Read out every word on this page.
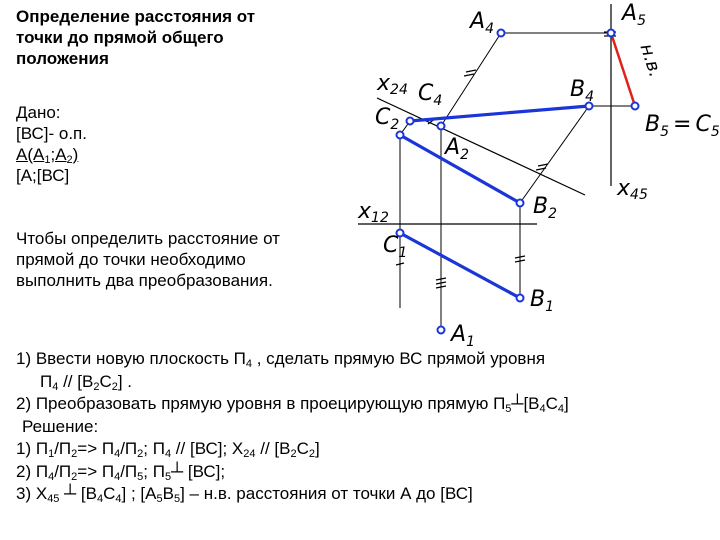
Определение расстояния от
точки до прямой общего
положения
Дано:
[ВС]- о.п.
$А(А_1;А_2)$
[А;[ВС]
Чтобы определить расстояние от
прямой до точки необходимо
выполнить два преобразования.
1) Ввести новую плоскость $П_4$ , сделать прямую ВС прямой уровня
$П_4 // [В_2С_2]$ .
2) Преобразовать прямую уровня в проецирующую прямую $П_5┴[В_4С_4]$
Решение:
1) $П_1/П_2=> П_4/П_2$; $П_4 // [ВС]$; $Х_{24} // [В_2С_2]$
2) $П_4/П_2=> П_4/П_5$; $П_5┴$ [ВС];
3) $Х_{45}$ ┴ $[В_4С_4]$ ; $[А_5В_5] - н.в$. расстояния от точки А до [ВС]
$A_4$
$A_5$
н.в.
x24 $C_4$	$B_4$
$C_2$
$A_2$
$B_5 = C_5$
x45
x12	$B_2$
$C_1$
$B_1$
$A_1$
